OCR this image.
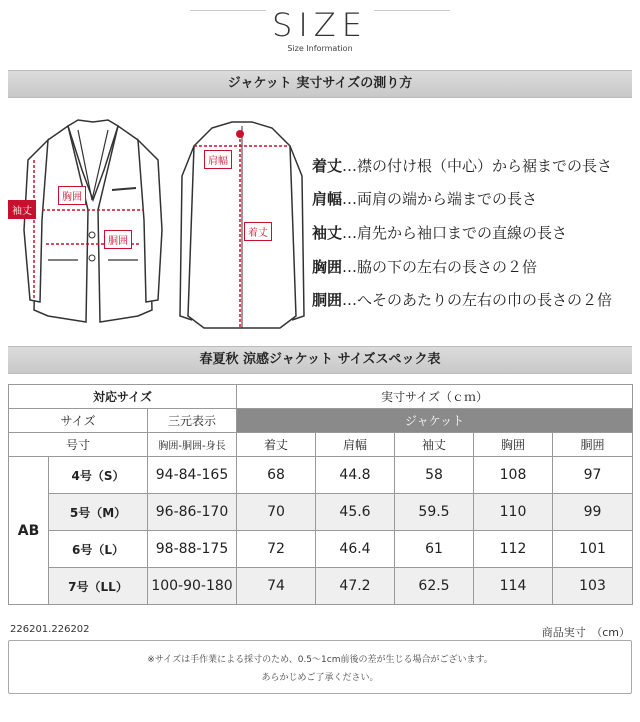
SIZE
Size Information
ジャケット 実寸サイズの測り方
袖丈
胸囲
胴囲
肩幅
着丈
着丈…襟の付け根（中心）から裾までの長さ
肩幅…両肩の端から端までの長さ
袖丈…肩先から袖口までの直線の長さ
胸囲…脇の下の左右の長さの２倍
胴囲…へそのあたりの左右の巾の長さの２倍
春夏秋 涼感ジャケット サイズスペック表
対応サイズ			実寸サイズ（ｃｍ）				
サイズ		三元表示	ジャケット				
号寸		胸囲-胴囲-身長	着丈	肩幅	袖丈	胸囲	胴囲
AB	4号（S）	94-84-165	68	44.8	58	108	97
	5号（M）	96-86-170	70	45.6	59.5	110	99
	6号（L）	98-88-175	72	46.4	61	112	101
	7号（LL）	100-90-180	74	47.2	62.5	114	103
226201.226202	商品実寸　（cm）
※サイズは手作業による採寸のため、0.5～1cm前後の差が生じる場合がございます。
あらかじめご了承ください。
